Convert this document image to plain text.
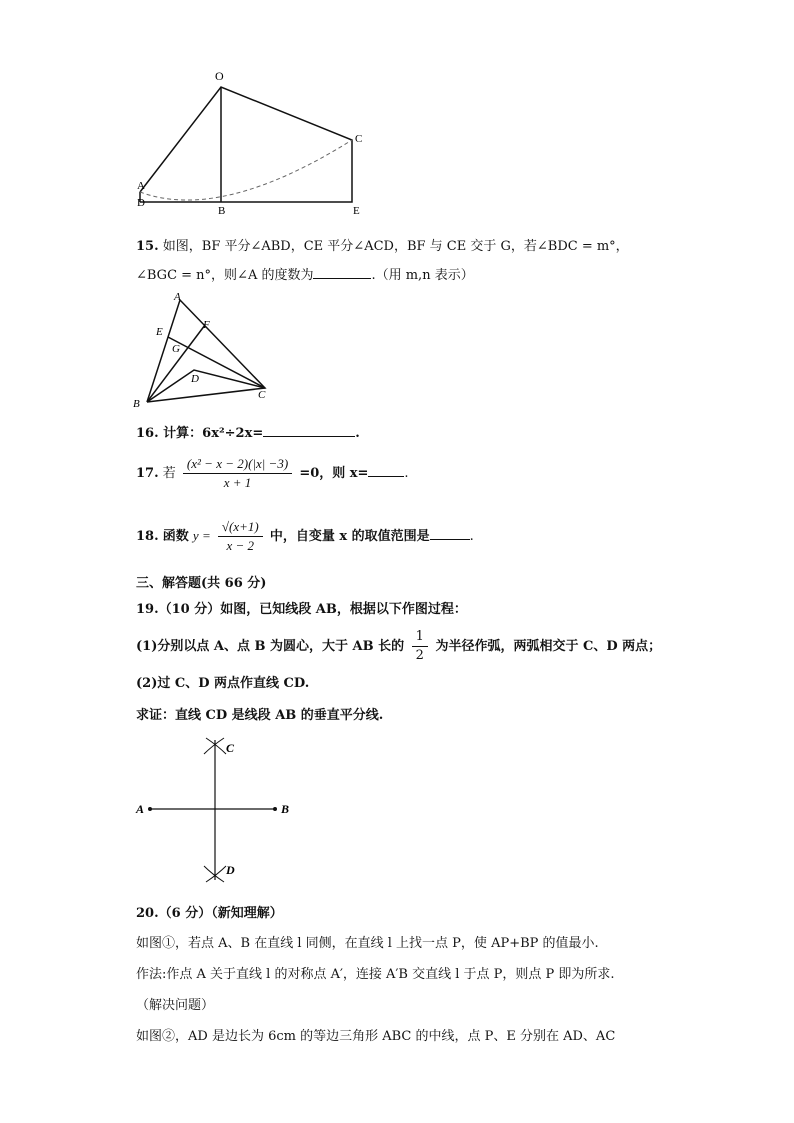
O
A
D
B
C
E
15. 如图，BF 平分∠ABD，CE 平分∠ACD，BF 与 CE 交于 G，若∠BDC = m°，
∠BGC = n°，则∠A 的度数为	.（用 m,n 表示）
A
E
F
G
D
B
C
16. 计算：6x²÷2x=	.
17. 若 $\frac{\text{(x² − x − 2)(|x| −3)}}{x + 1} =0$，则 x=	.
18. 函数 $y = \frac{√(x+1)}{x - 2}$ 中，自变量 x 的取值范围是	.
三、解答题(共 66 分)
19.（10 分）如图，已知线段 AB，根据以下作图过程：
(1)分别以点 A、点 B 为圆心，大于 AB 长的 $\frac{1}{2}$ 为半径作弧，两弧相交于 C、D 两点；
(2)过 C、D 两点作直线 CD.
求证：直线 CD 是线段 AB 的垂直平分线.
A	B
C
D
20.（6 分）（新知理解）
如图①，若点 A、B 在直线 l 同侧，在直线 l 上找一点 P，使 AP+BP 的值最小.
作法:作点 A 关于直线 l 的对称点 A′，连接 A′B 交直线 l 于点 P，则点 P 即为所求.
（解决问题）
如图②，AD 是边长为 6cm 的等边三角形 ABC 的中线，点 P、E 分别在 AD、AC
